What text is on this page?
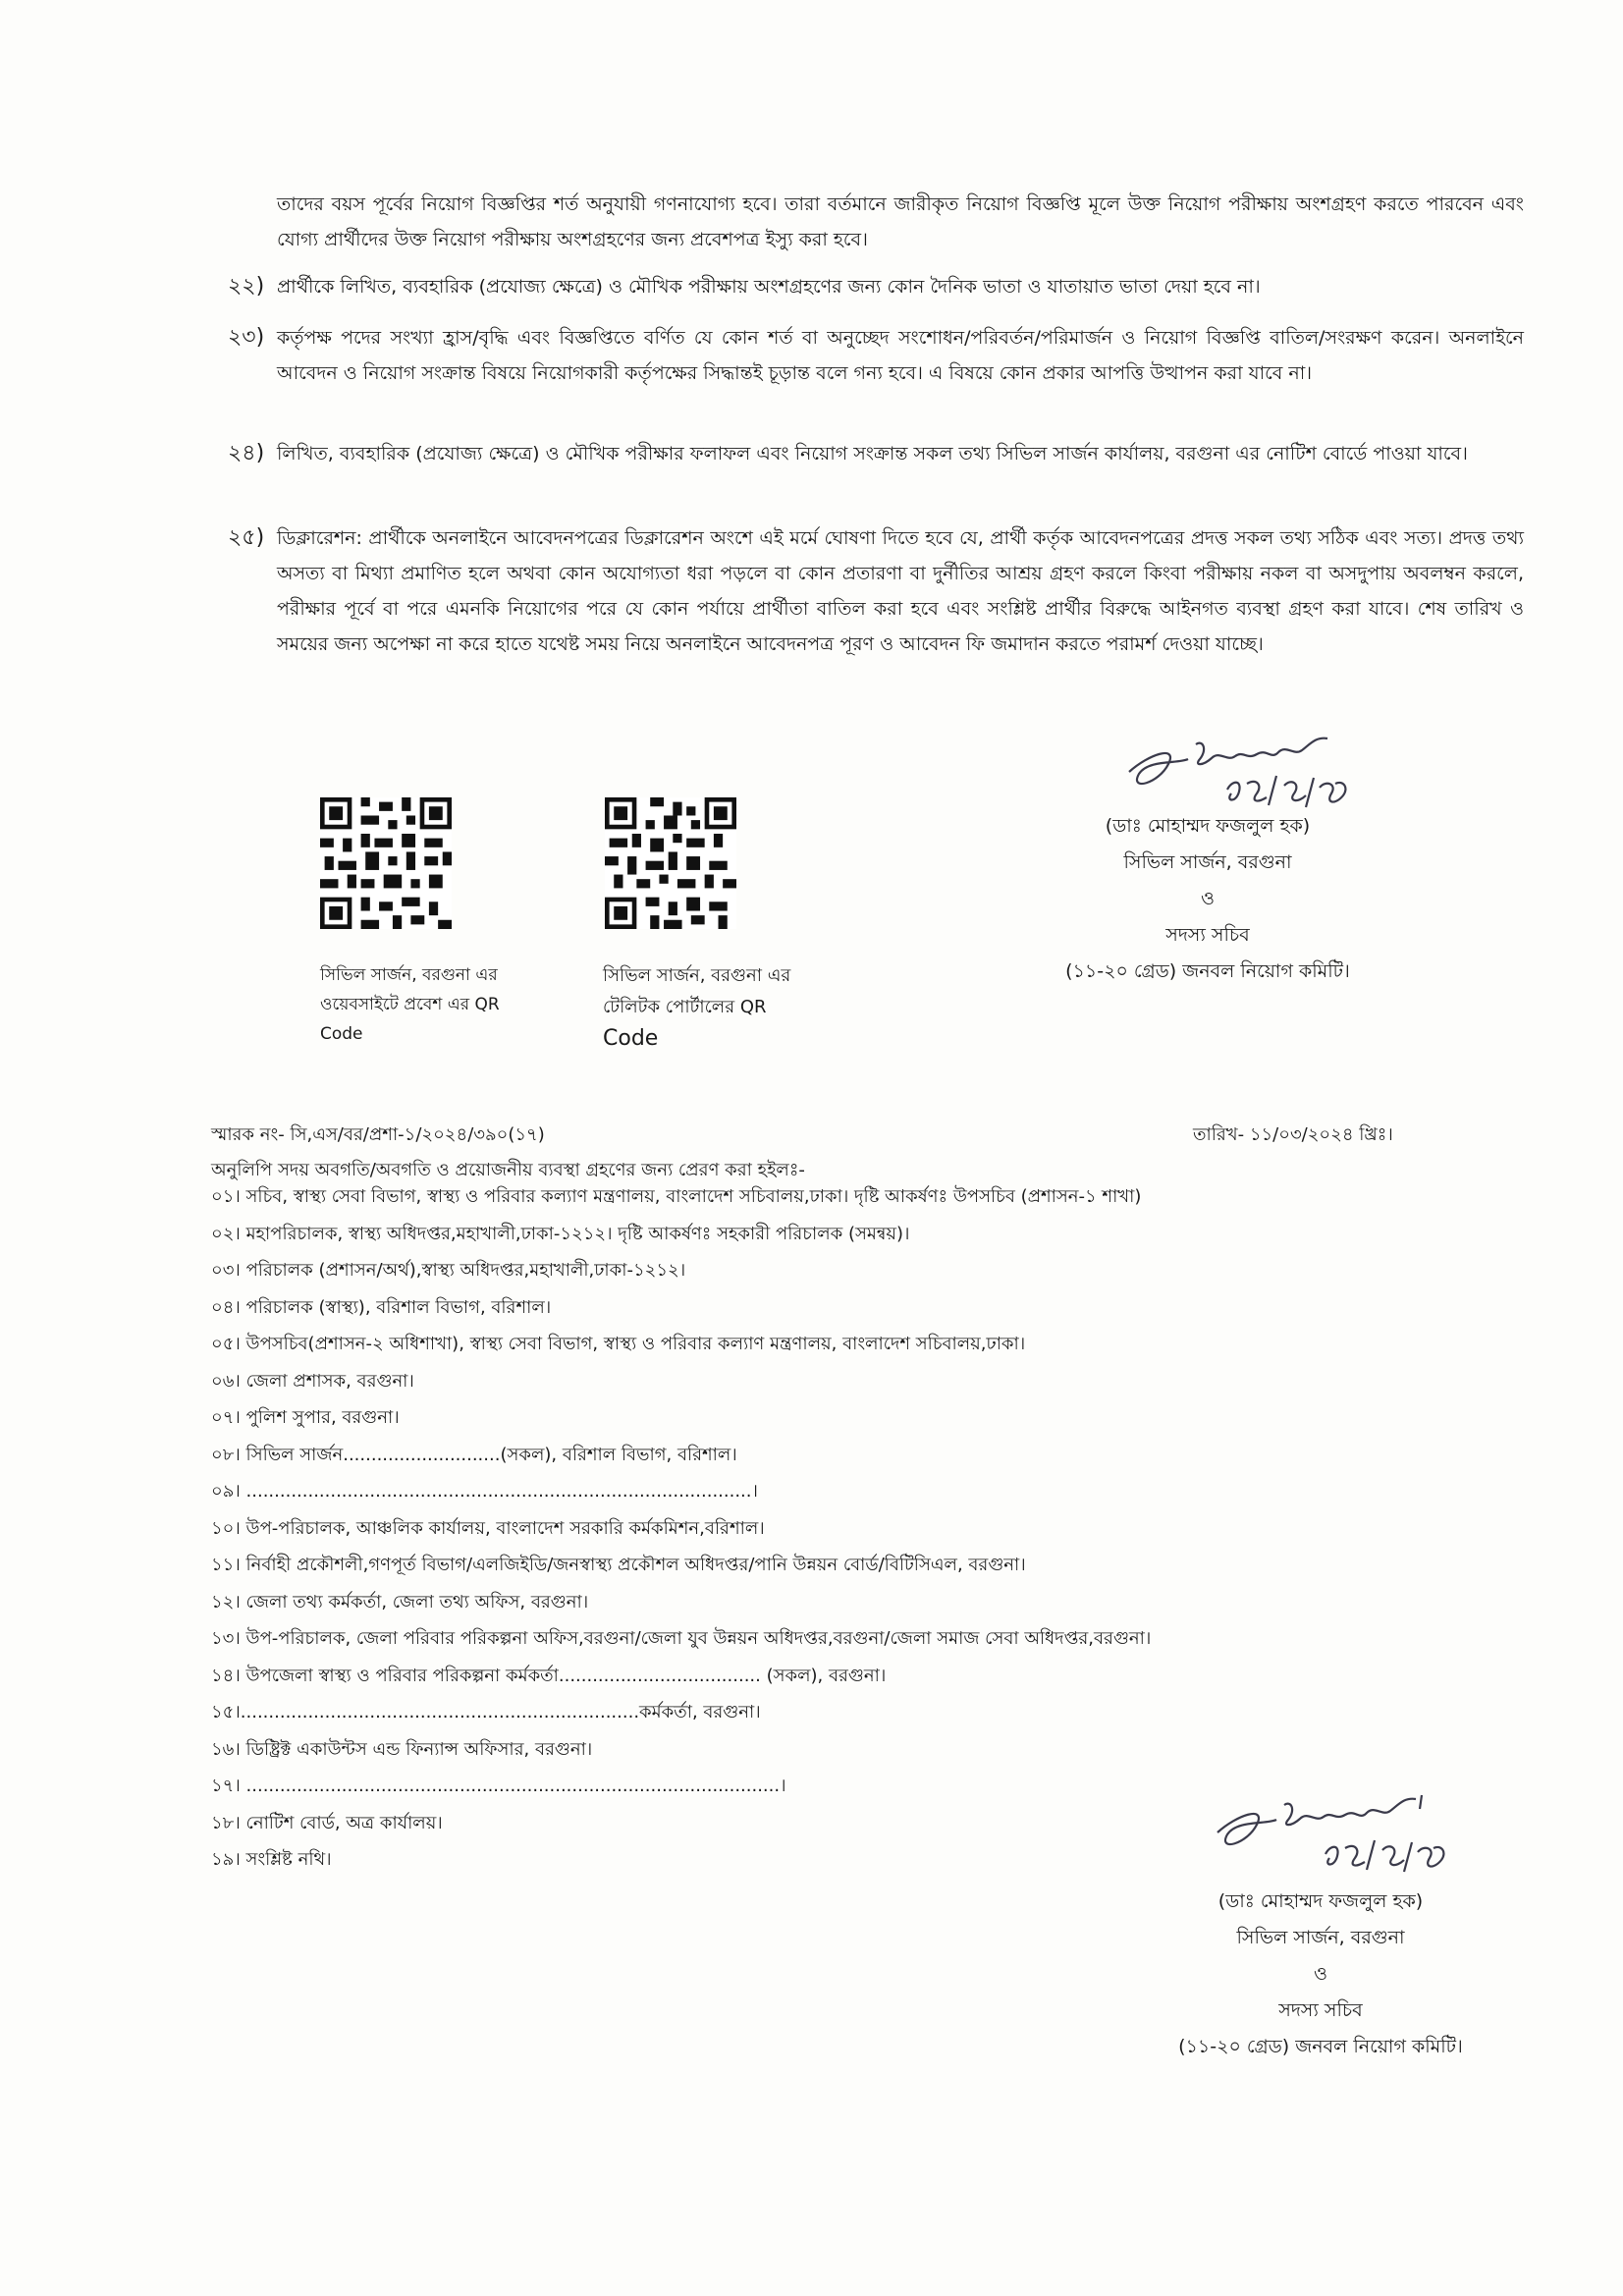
তাদের বয়স পূর্বের নিয়োগ বিজ্ঞপ্তির শর্ত অনুযায়ী গণনাযোগ্য হবে। তারা বর্তমানে জারীকৃত নিয়োগ বিজ্ঞপ্তি মূলে উক্ত নিয়োগ পরীক্ষায় অংশগ্রহণ করতে পারবেন এবং যোগ্য প্রার্থীদের উক্ত নিয়োগ পরীক্ষায় অংশগ্রহণের জন্য প্রবেশপত্র ইস্যু করা হবে।
২২) প্রার্থীকে লিখিত, ব্যবহারিক (প্রযোজ্য ক্ষেত্রে) ও মৌখিক পরীক্ষায় অংশগ্রহণের জন্য কোন দৈনিক ভাতা ও যাতায়াত ভাতা দেয়া হবে না।
২৩) কর্তৃপক্ষ পদের সংখ্যা হ্রাস/বৃদ্ধি এবং বিজ্ঞপ্তিতে বর্ণিত যে কোন শর্ত বা অনুচ্ছেদ সংশোধন/পরিবর্তন/পরিমার্জন ও নিয়োগ বিজ্ঞপ্তি বাতিল/সংরক্ষণ করেন। অনলাইনে আবেদন ও নিয়োগ সংক্রান্ত বিষয়ে নিয়োগকারী কর্তৃপক্ষের সিদ্ধান্তই চূড়ান্ত বলে গন্য হবে। এ বিষয়ে কোন প্রকার আপত্তি উত্থাপন করা যাবে না।
২৪) লিখিত, ব্যবহারিক (প্রযোজ্য ক্ষেত্রে) ও মৌখিক পরীক্ষার ফলাফল এবং নিয়োগ সংক্রান্ত সকল তথ্য সিভিল সার্জন কার্যালয়, বরগুনা এর নোটিশ বোর্ডে পাওয়া যাবে।
২৫) ডিক্লারেশন: প্রার্থীকে অনলাইনে আবেদনপত্রের ডিক্লারেশন অংশে এই মর্মে ঘোষণা দিতে হবে যে, প্রার্থী কর্তৃক আবেদনপত্রের প্রদত্ত সকল তথ্য সঠিক এবং সত্য। প্রদত্ত তথ্য অসত্য বা মিথ্যা প্রমাণিত হলে অথবা কোন অযোগ্যতা ধরা পড়লে বা কোন প্রতারণা বা দুর্নীতির আশ্রয় গ্রহণ করলে কিংবা পরীক্ষায় নকল বা অসদুপায় অবলম্বন করলে, পরীক্ষার পূর্বে বা পরে এমনকি নিয়োগের পরে যে কোন পর্যায়ে প্রার্থীতা বাতিল করা হবে এবং সংশ্লিষ্ট প্রার্থীর বিরুদ্ধে আইনগত ব্যবস্থা গ্রহণ করা যাবে। শেষ তারিখ ও সময়ের জন্য অপেক্ষা না করে হাতে যথেষ্ট সময় নিয়ে অনলাইনে আবেদনপত্র পূরণ ও আবেদন ফি জমাদান করতে পরামর্শ দেওয়া যাচ্ছে।
(ডাঃ মোহাম্মদ ফজলুল হক)
সিভিল সার্জন, বরগুনা
ও
সদস্য সচিব
(১১-২০ গ্রেড) জনবল নিয়োগ কমিটি।
সিভিল সার্জন, বরগুনা এর
ওয়েবসাইটে প্রবেশ এর QR
Code
সিভিল সার্জন, বরগুনা এর
টেলিটক পোর্টালের QR
Code
স্মারক নং- সি,এস/বর/প্রশা-১/২০২৪/৩৯০(১৭)	তারিখ- ১১/০৩/২০২৪ খ্রিঃ।
অনুলিপি সদয় অবগতি/অবগতি ও প্রয়োজনীয় ব্যবস্থা গ্রহণের জন্য প্রেরণ করা হইলঃ-
০১। সচিব, স্বাস্থ্য সেবা বিভাগ, স্বাস্থ্য ও পরিবার কল্যাণ মন্ত্রণালয়, বাংলাদেশ সচিবালয়,ঢাকা। দৃষ্টি আকর্ষণঃ উপসচিব (প্রশাসন-১ শাখা)
০২। মহাপরিচালক, স্বাস্থ্য অধিদপ্তর,মহাখালী,ঢাকা-১২১২। দৃষ্টি আকর্ষণঃ সহকারী পরিচালক (সমন্বয়)।
০৩। পরিচালক (প্রশাসন/অর্থ),স্বাস্থ্য অধিদপ্তর,মহাখালী,ঢাকা-১২১২।
০৪। পরিচালক (স্বাস্থ্য), বরিশাল বিভাগ, বরিশাল।
০৫। উপসচিব(প্রশাসন-২ অধিশাখা), স্বাস্থ্য সেবা বিভাগ, স্বাস্থ্য ও পরিবার কল্যাণ মন্ত্রণালয়, বাংলাদেশ সচিবালয়,ঢাকা।
০৬। জেলা প্রশাসক, বরগুনা।
০৭। পুলিশ সুপার, বরগুনা।
০৮। সিভিল সার্জন............................(সকল), বরিশাল বিভাগ, বরিশাল।
০৯। ..........................................................................................।
১০। উপ-পরিচালক, আঞ্চলিক কার্যালয়, বাংলাদেশ সরকারি কর্মকমিশন,বরিশাল।
১১। নির্বাহী প্রকৌশলী,গণপূর্ত বিভাগ/এলজিইডি/জনস্বাস্থ্য প্রকৌশল অধিদপ্তর/পানি উন্নয়ন বোর্ড/বিটিসিএল, বরগুনা।
১২। জেলা তথ্য কর্মকর্তা, জেলা তথ্য অফিস, বরগুনা।
১৩। উপ-পরিচালক, জেলা পরিবার পরিকল্পনা অফিস,বরগুনা/জেলা যুব উন্নয়ন অধিদপ্তর,বরগুনা/জেলা সমাজ সেবা অধিদপ্তর,বরগুনা।
১৪। উপজেলা স্বাস্থ্য ও পরিবার পরিকল্পনা কর্মকর্তা.................................... (সকল), বরগুনা।
১৫।.......................................................................কর্মকর্তা, বরগুনা।
১৬। ডিষ্ট্রিক্ট একাউন্টস এন্ড ফিন্যান্স অফিসার, বরগুনা।
১৭। ...............................................................................................।
১৮। নোটিশ বোর্ড, অত্র কার্যালয়।
১৯। সংশ্লিষ্ট নথি।
(ডাঃ মোহাম্মদ ফজলুল হক)
সিভিল সার্জন, বরগুনা
ও
সদস্য সচিব
(১১-২০ গ্রেড) জনবল নিয়োগ কমিটি।
